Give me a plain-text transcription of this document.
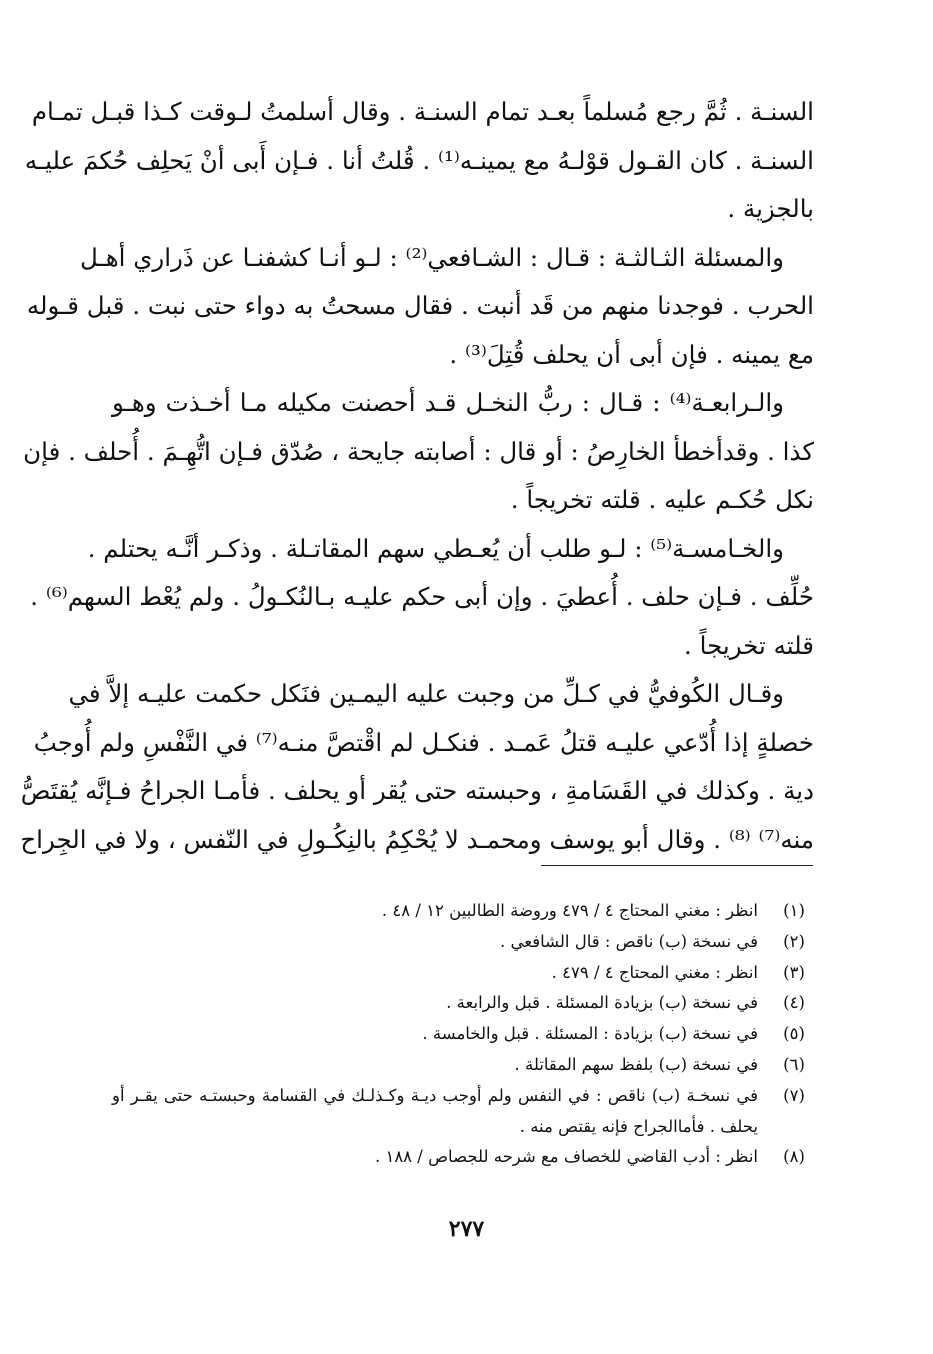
السنـة . ثُمَّ رجع مُسلماً بعـد تمام السنـة . وقال أسلمتُ لـوقت كـذا قبـل تمـام
السنـة . كان القـول قوْلـهُ مع يمينـه⁽¹⁾ . قُلتُ أنا . فـإن أَبى أنْ يَحلِف حُكمَ عليـه
بالجزية .

والمسئلة الثـالثـة : قـال : الشـافعي⁽²⁾ : لـو أنـا كشفنـا عن ذَراري أهـل
الحرب . فوجدنا منهم من قَد أنبت . فقال مسحتُ به دواء حتى نبت . قبل قـوله
مع يمينه . فإن أبى أن يحلف قُتِلَ⁽³⁾ .

والـرابعـة⁽⁴⁾ : قـال : ربُّ النخـل قـد أحصنت مكيله مـا أخـذت وهـو
كذا . وقدأخطأ الخارِصُ : أو قال : أصابته جايحة ، صُدّق فـإن اتُّهِـمَ . أُحلف . فإن
نكل حُكـم عليه . قلته تخريجاً .

والخـامسـة⁽⁵⁾ : لـو طلب أن يُعـطي سهم المقاتـلة . وذكـر أنَّـه يحتلم .
حُلِّف . فـإن حلف . أُعطيَ . وإن أبى حكم عليـه بـالنُكـولُ . ولم يُعْط السهم⁽⁶⁾ .
قلته تخريجاً .

وقـال الكُوفيُّ في كـلِّ من وجبت عليه اليمـين فنَكل حكمت عليـه إلاَّ في
خصلةٍ إذا أُدّعي عليـه قتلُ عَمـد . فنكـل لم اقْتصَّ منـه⁽⁷⁾ في النَّفْسِ ولم أُوجبُ
دية . وكذلك في القَسَامةِ ، وحبسته حتى يُقر أو يحلف . فأمـا الجراحُ فـإنَّه يُقتَصُّ
منه⁽⁷⁾ ⁽⁸⁾ . وقال أبو يوسف ومحمـد لا يُحْكِمُ بالنِكُـولِ في النّفس ، ولا في الجِراح

(١)
انظر : مغني المحتاج ٤ / ٤٧٩ وروضة الطالبين ١٢ / ٤٨ .

(٢)
في نسخة (ب) ناقص : قال الشافعي .

(٣)
انظر : مغني المحتاج ٤ / ٤٧٩ .

(٤)
في نسخة (ب) بزيادة المسئلة . قبل والرابعة .

(٥)
في نسخة (ب) بزيادة : المسئلة . قبل والخامسة .

(٦)
في نسخة (ب) بلفظ سهم المقاتلة .

(٧)
في نسخـة (ب) ناقص : في النفس ولم أوجب ديـة وكـذلـك في القسامة وحبستـه حتى يقـر أو
يحلف . فأماالجراح فإنه يقتص منه .

(٨)
انظر : أدب القاضي للخصاف مع شرحه للجصاص / ١٨٨ .

٢٧٧
